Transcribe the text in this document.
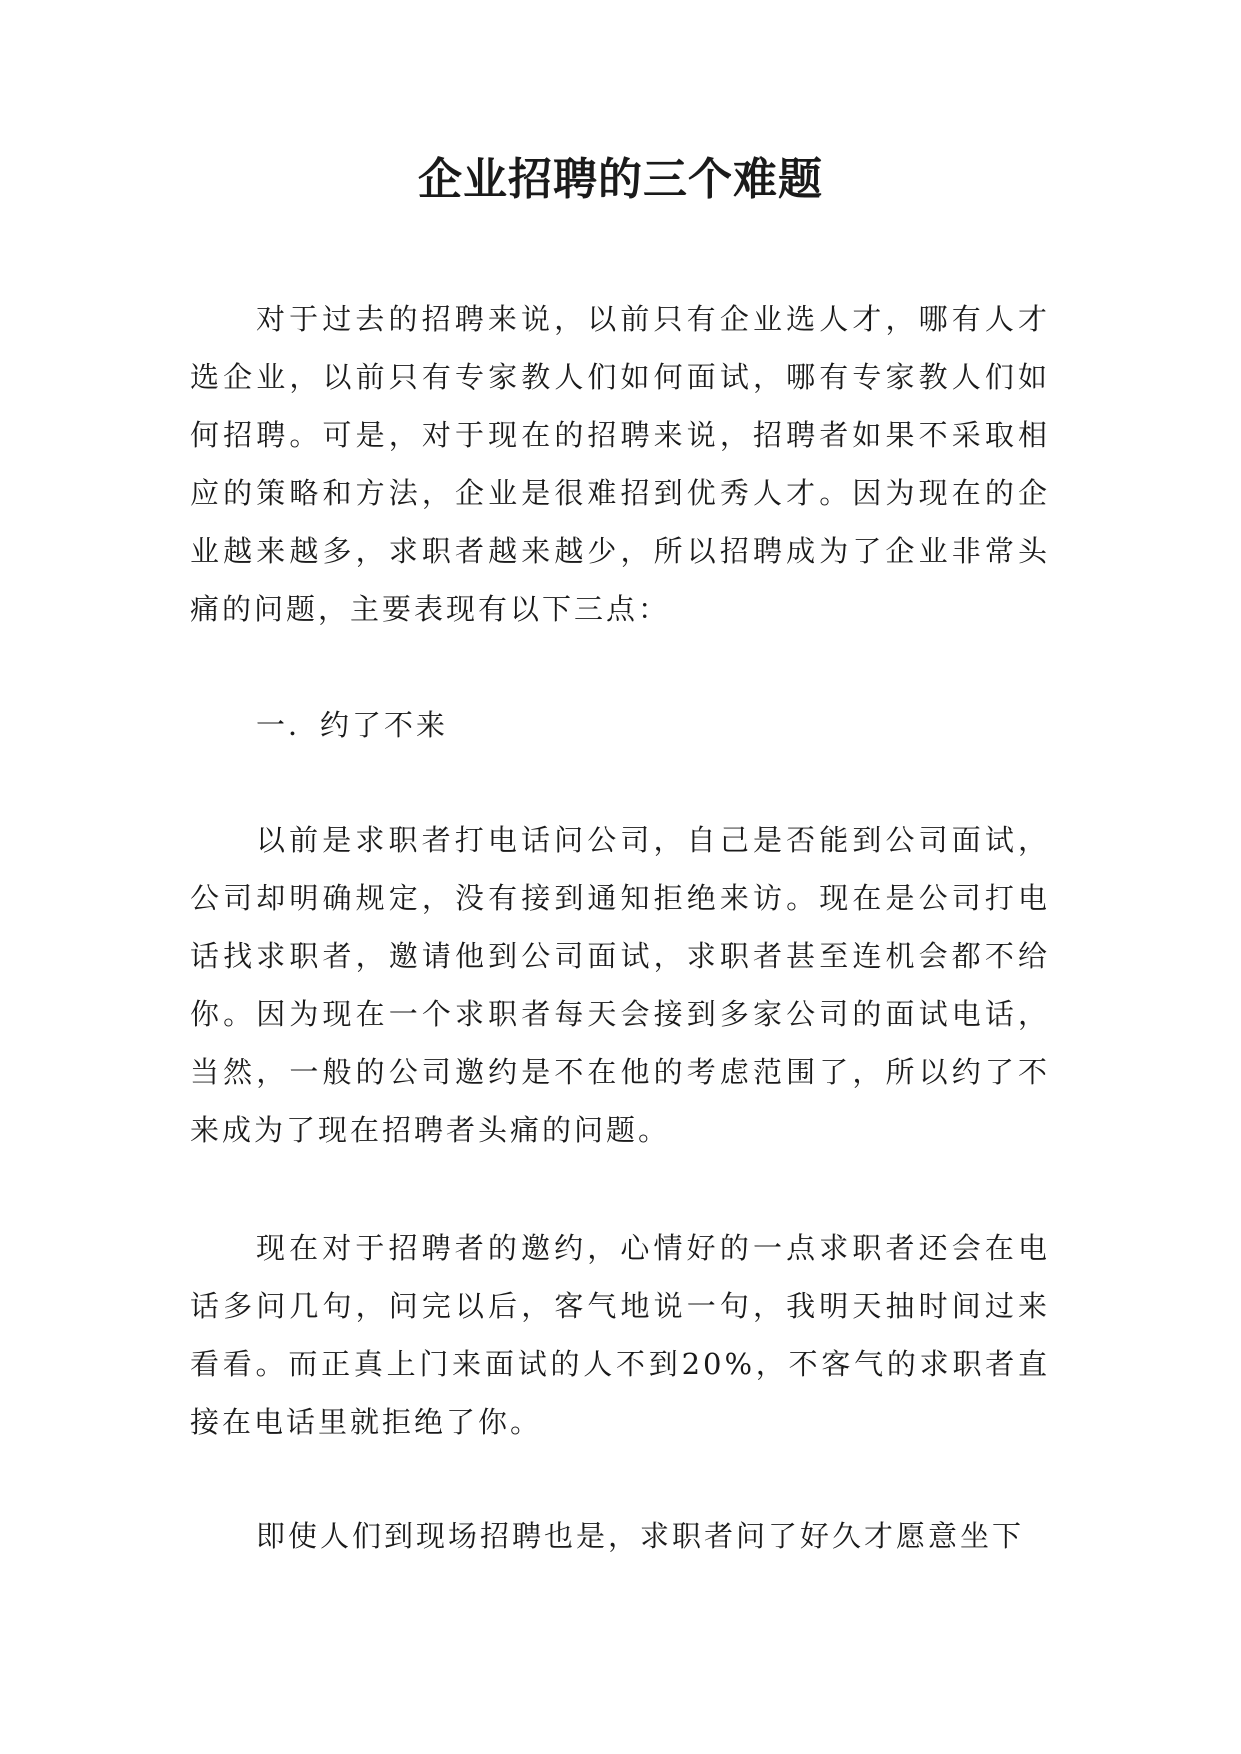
企业招聘的三个难题

对于过去的招聘来说，以前只有企业选人才，哪有人才选企业，以前只有专家教人们如何面试，哪有专家教人们如何招聘。可是，对于现在的招聘来说，招聘者如果不采取相应的策略和方法，企业是很难招到优秀人才。因为现在的企业越来越多，求职者越来越少，所以招聘成为了企业非常头痛的问题，主要表现有以下三点：

一．约了不来

以前是求职者打电话问公司，自己是否能到公司面试，公司却明确规定，没有接到通知拒绝来访。现在是公司打电话找求职者，邀请他到公司面试，求职者甚至连机会都不给你。因为现在一个求职者每天会接到多家公司的面试电话，当然，一般的公司邀约是不在他的考虑范围了，所以约了不来成为了现在招聘者头痛的问题。

现在对于招聘者的邀约，心情好的一点求职者还会在电话多问几句，问完以后，客气地说一句，我明天抽时间过来看看。而正真上门来面试的人不到20%，不客气的求职者直接在电话里就拒绝了你。

即使人们到现场招聘也是，求职者问了好久才愿意坐下
